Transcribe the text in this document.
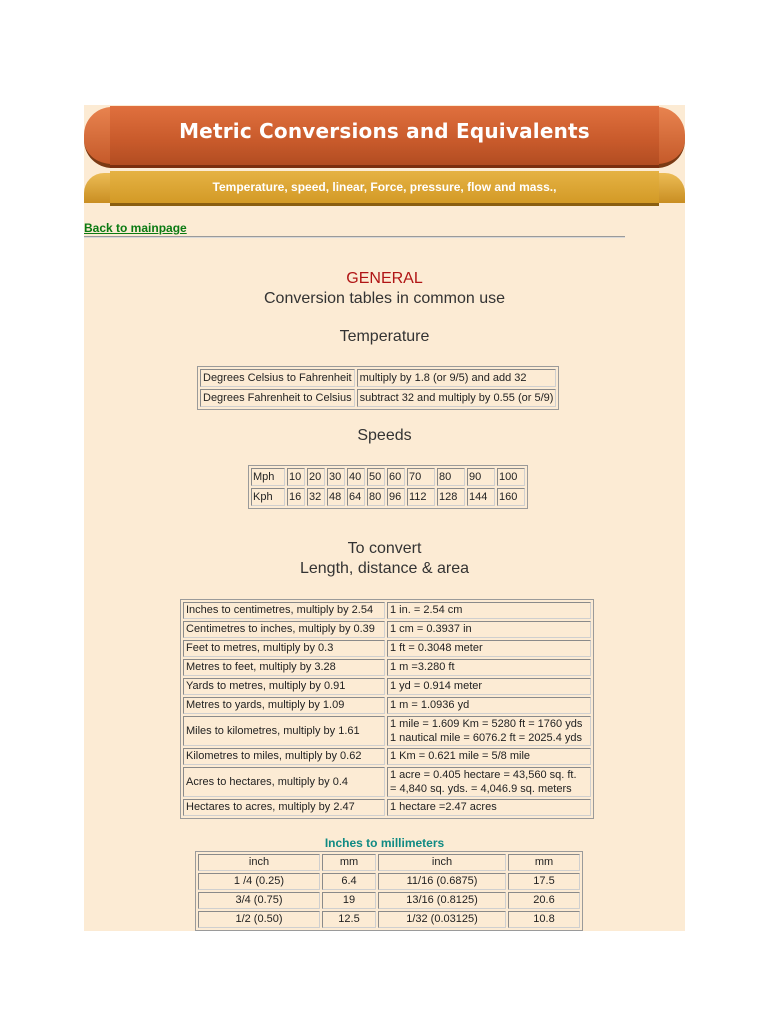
Metric Conversions and Equivalents
Temperature, speed, linear, Force, pressure, flow and mass.,
Back to mainpage
GENERAL
Conversion tables in common use
Temperature
Degrees Celsius to Fahrenheit	multiply by 1.8 (or 9/5) and add 32
Degrees Fahrenheit to Celsius	subtract 32 and multiply by 0.55 (or 5/9)
Speeds
Mph	10	20	30	40	50	60	70	80	90	100
Kph	16	32	48	64	80	96	112	128	144	160
To convert
Length, distance & area
Inches to centimetres, multiply by 2.54	1 in. = 2.54 cm
Centimetres to inches, multiply by 0.39	1 cm = 0.3937 in
Feet to metres, multiply by 0.3	1 ft = 0.3048 meter
Metres to feet, multiply by 3.28	1 m =3.280 ft
Yards to metres, multiply by 0.91	1 yd = 0.914 meter
Metres to yards, multiply by 1.09	1 m = 1.0936 yd
Miles to kilometres, multiply by 1.61	1 mile = 1.609 Km = 5280 ft = 1760 yds
1 nautical mile = 6076.2 ft = 2025.4 yds

Kilometres to miles, multiply by 0.62	1 Km = 0.621 mile = 5/8 mile
Acres to hectares, multiply by 0.4	1 acre = 0.405 hectare = 43,560 sq. ft.
= 4,840 sq. yds. = 4,046.9 sq. meters

Hectares to acres, multiply by 2.47	1 hectare =2.47 acres
Inches to millimeters
inch	mm	inch	mm
1 /4 (0.25)	6.4	11/16 (0.6875)	17.5
3/4 (0.75)	19	13/16 (0.8125)	20.6
1/2 (0.50)	12.5	1/32 (0.03125)	10.8
